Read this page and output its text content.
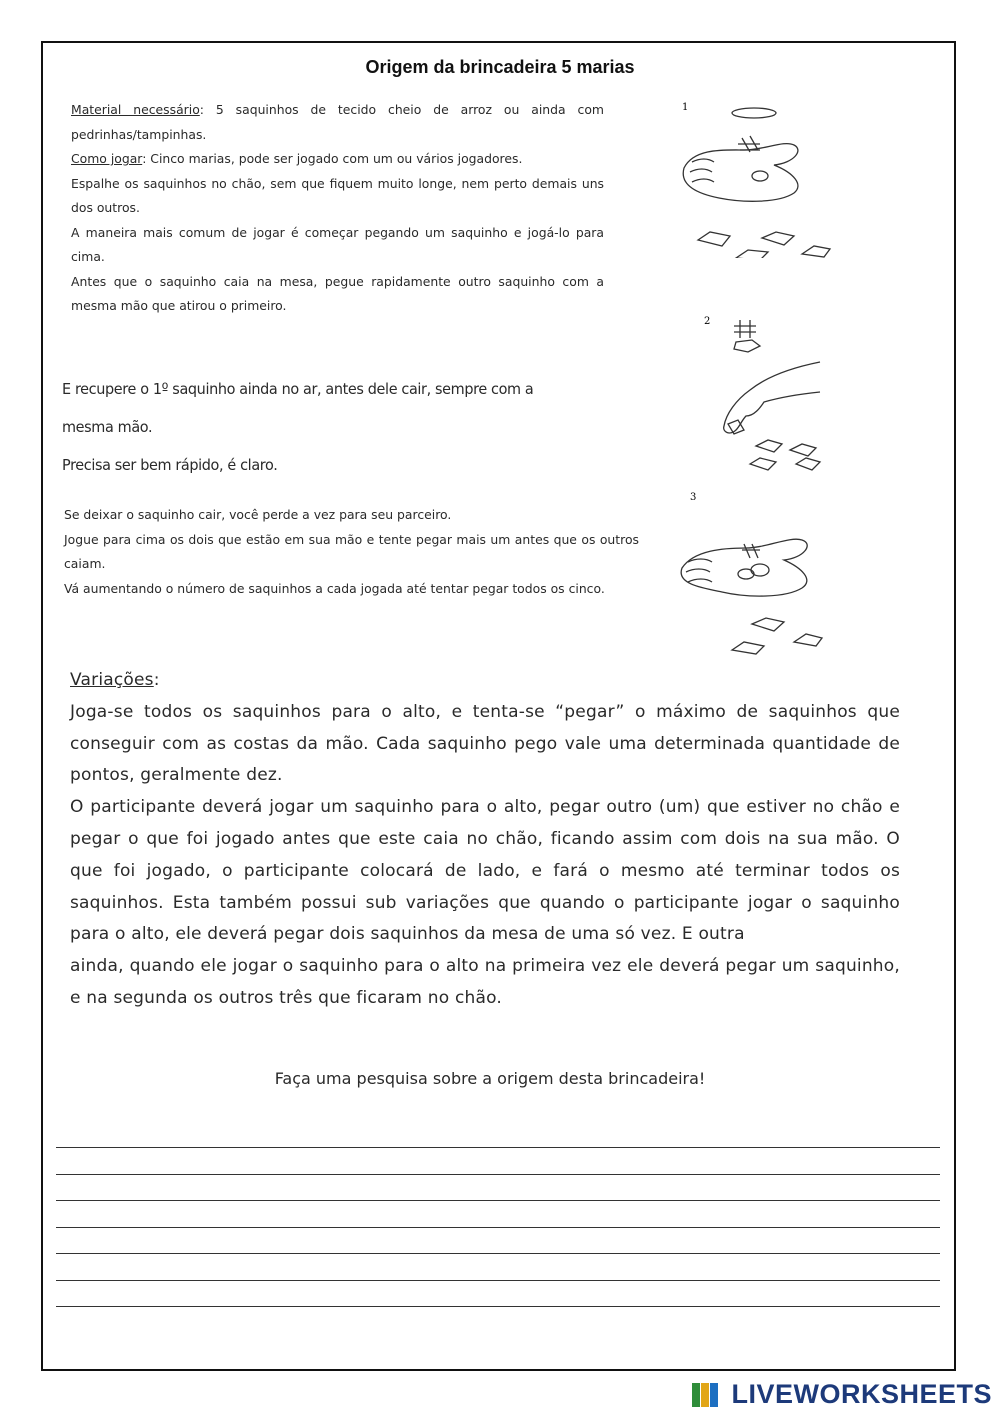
Origem da brincadeira 5 marias

Material necessário: 5 saquinhos de tecido cheio de arroz ou ainda com pedrinhas/tampinhas.

Como jogar: Cinco marias, pode ser jogado com um ou vários jogadores.

Espalhe os saquinhos no chão, sem que fiquem muito longe, nem perto demais uns dos outros.

A maneira mais comum de jogar é começar pegando um saquinho e jogá-lo para cima.

Antes que o saquinho caia na mesa, pegue rapidamente outro saquinho com a mesma mão que atirou o primeiro.

E recupere o 1º saquinho ainda no ar, antes dele cair, sempre com a mesma mão.

Precisa ser bem rápido, é claro.

Se deixar o saquinho cair, você perde a vez para seu parceiro.

Jogue para cima os dois que estão em sua mão e tente pegar mais um antes que os outros caiam.

Vá aumentando o número de saquinhos a cada jogada até tentar pegar todos os cinco.

Variações:

Joga-se todos os saquinhos para o alto, e tenta-se “pegar” o máximo de saquinhos que conseguir com as costas da mão. Cada saquinho pego vale uma determinada quantidade de pontos, geralmente dez.

O participante deverá jogar um saquinho para o alto, pegar outro (um) que estiver no chão e pegar o que foi jogado antes que este caia no chão, ficando assim com dois na sua mão. O que foi jogado, o participante colocará de lado, e fará o mesmo até terminar todos os saquinhos. Esta também possui sub variações que quando o participante jogar o saquinho para o alto, ele deverá pegar dois saquinhos da mesa de uma só vez. E outra

ainda, quando ele jogar o saquinho para o alto na primeira vez ele deverá pegar um saquinho, e na segunda os outros três que ficaram no chão.

Faça uma pesquisa sobre a origem desta brincadeira!
1
2
3
LIVEWORKSHEETS
